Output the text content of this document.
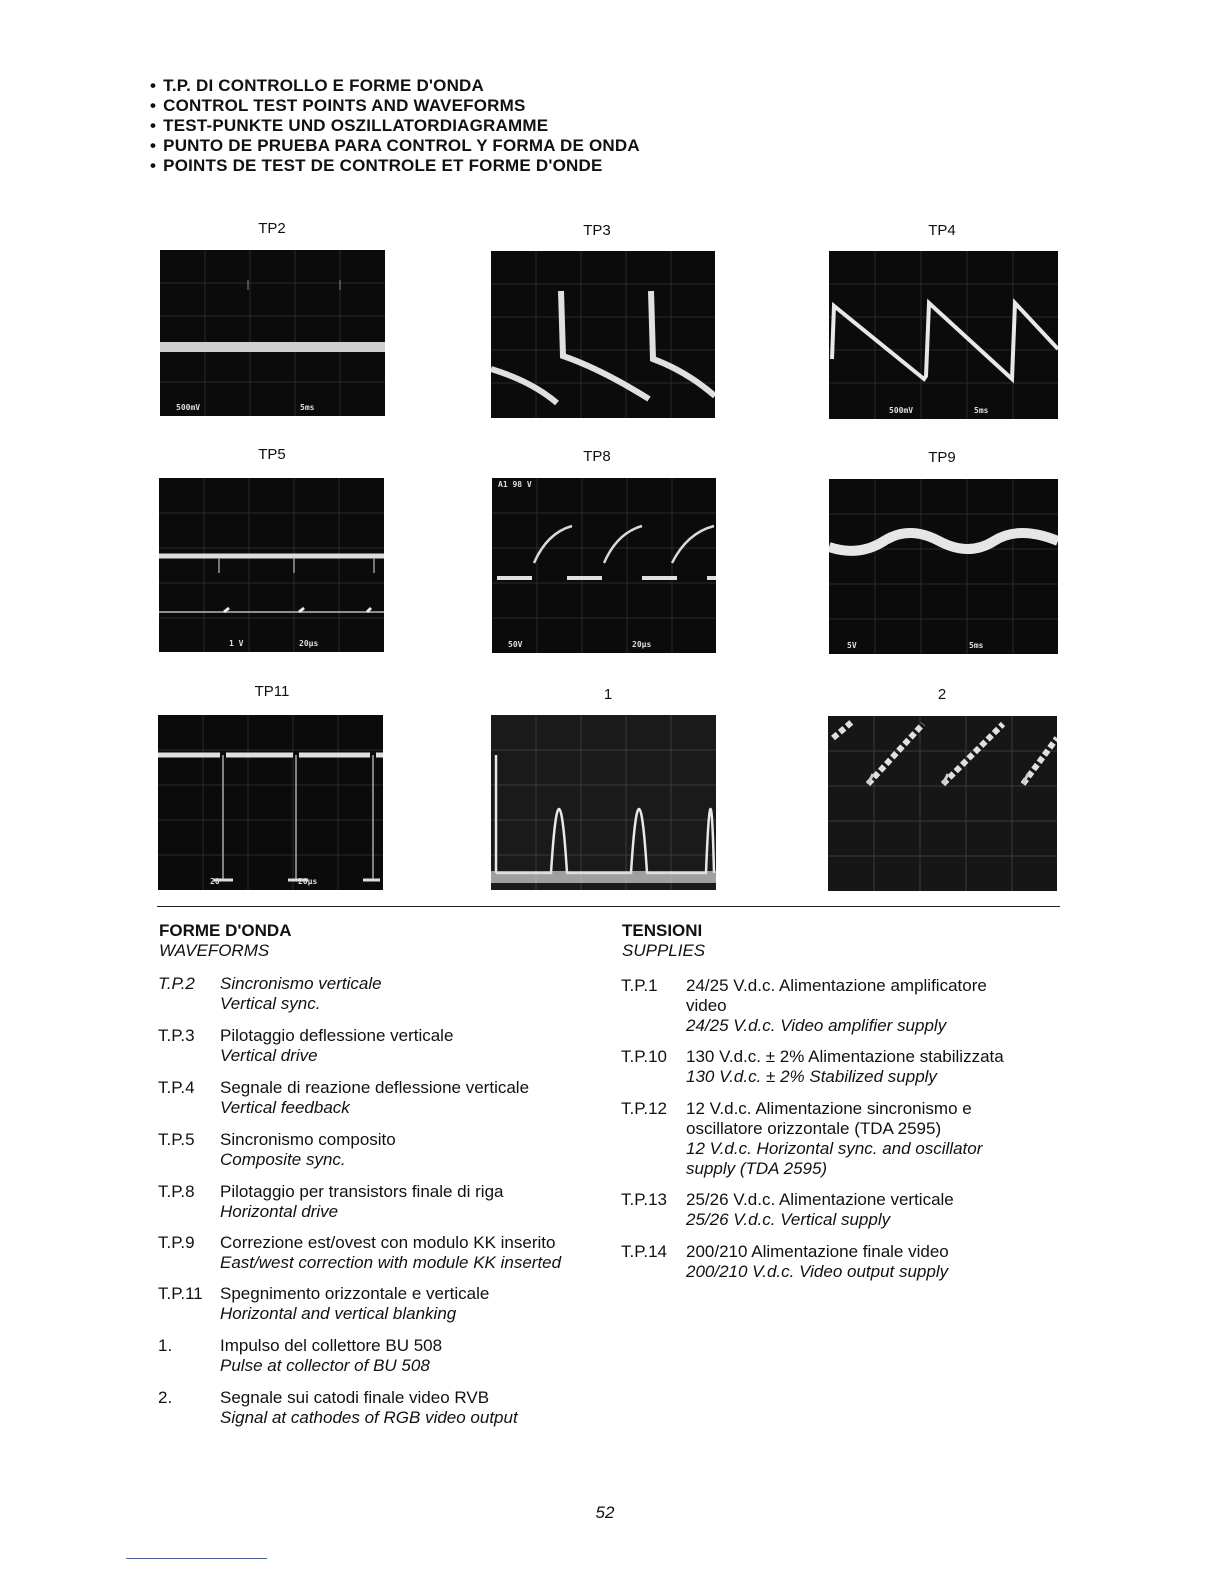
• T.P. DI CONTROLLO E FORME D'ONDA
• CONTROL TEST POINTS AND WAVEFORMS
• TEST-PUNKTE UND OSZILLATORDIAGRAMME
• PUNTO DE PRUEBA PARA CONTROL Y FORMA DE ONDA
• POINTS DE TEST DE CONTROLE ET FORME D'ONDE
TP2	TP3	TP4
TP5	TP8	TP9
TP11	1	2
500mV	5ms	500mV	5ms
1 V	20µs
A1 98 V
50V	20µs	5V	5ms
20	20µs
FORME D'ONDA
WAVEFORMS
T.P.2 Sincronismo verticale
Vertical sync.
T.P.3 Pilotaggio deflessione verticale
Vertical drive
T.P.4 Segnale di reazione deflessione verticale
Vertical feedback
T.P.5 Sincronismo composito
Composite sync.
T.P.8 Pilotaggio per transistors finale di riga
Horizontal drive
T.P.9 Correzione est/ovest con modulo KK inserito
East/west correction with module KK inserted
T.P.11 Spegnimento orizzontale e verticale
Horizontal and vertical blanking
1.	Impulso del collettore BU 508
Pulse at collector of BU 508
2.	Segnale sui catodi finale video RVB
Signal at cathodes of RGB video output
TENSIONI
SUPPLIES
T.P.1 24/25 V.d.c. Alimentazione amplificatore
video
24/25 V.d.c. Video amplifier supply
T.P.10 130 V.d.c. ± 2% Alimentazione stabilizzata
130 V.d.c. ± 2% Stabilized supply
T.P.12 12 V.d.c. Alimentazione sincronismo e
oscillatore orizzontale (TDA 2595)
12 V.d.c. Horizontal sync. and oscillator
supply (TDA 2595)
T.P.13 25/26 V.d.c. Alimentazione verticale
25/26 V.d.c. Vertical supply
T.P.14 200/210 Alimentazione finale video
200/210 V.d.c. Video output supply
52
